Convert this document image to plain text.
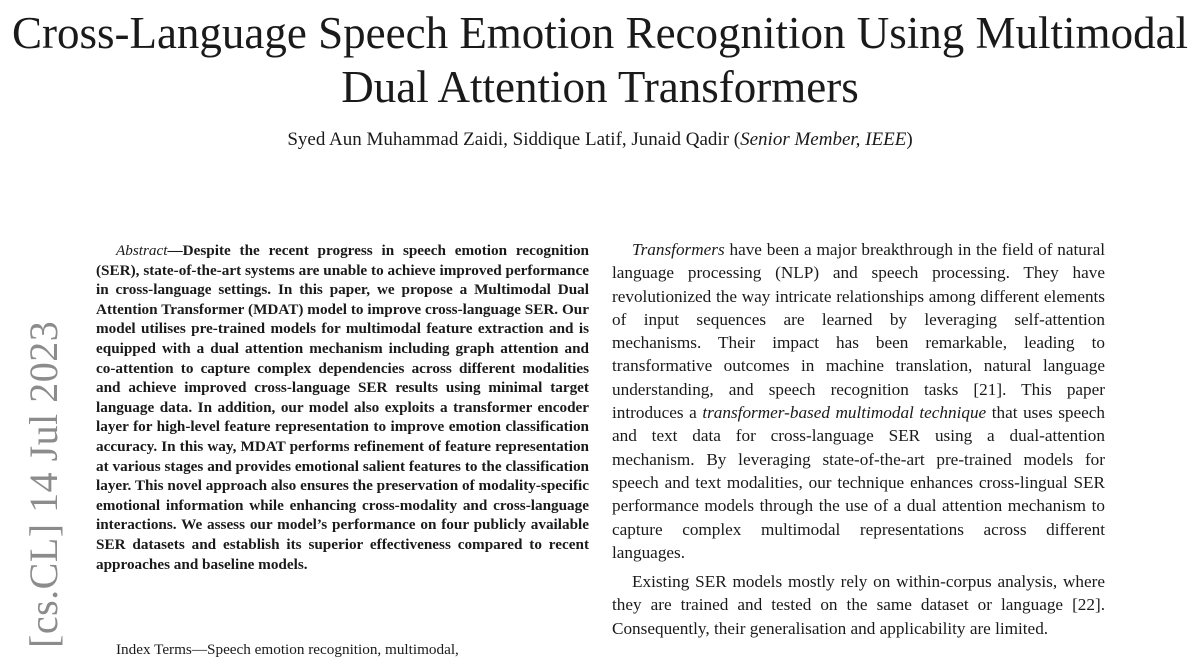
Cross-Language Speech Emotion Recognition Using Multimodal Dual Attention Transformers
Syed Aun Muhammad Zaidi, Siddique Latif, Junaid Qadir (Senior Member, IEEE)
[cs.CL] 14 Jul 2023

Abstract—Despite the recent progress in speech emotion recognition (SER), state-of-the-art systems are unable to achieve improved performance in cross-language settings. In this paper, we propose a Multimodal Dual Attention Transformer (MDAT) model to improve cross-language SER. Our model utilises pre-trained models for multimodal feature extraction and is equipped with a dual attention mechanism including graph attention and co-attention to capture complex dependencies across different modalities and achieve improved cross-language SER results using minimal target language data. In addition, our model also exploits a transformer encoder layer for high-level feature representation to improve emotion classification accuracy. In this way, MDAT performs refinement of feature representation at various stages and provides emotional salient features to the classification layer. This novel approach also ensures the preservation of modality-specific emotional information while enhancing cross-modality and cross-language interactions. We assess our model’s performance on four publicly available SER datasets and establish its superior effectiveness compared to recent approaches and baseline models.

Index Terms—Speech emotion recognition, multimodal,

Transformers have been a major breakthrough in the field of natural language processing (NLP) and speech processing. They have revolutionized the way intricate relationships among different elements of input sequences are learned by leveraging self-attention mechanisms. Their impact has been remarkable, leading to transformative outcomes in machine translation, natural language understanding, and speech recognition tasks [21]. This paper introduces a transformer-based multimodal technique that uses speech and text data for cross-language SER using a dual-attention mechanism. By leveraging state-of-the-art pre-trained models for speech and text modalities, our technique enhances cross-lingual SER performance models through the use of a dual attention mechanism to capture complex multimodal representations across different languages.

Existing SER models mostly rely on within-corpus analysis, where they are trained and tested on the same dataset or language [22]. Consequently, their generalisation and applicability are limited.
